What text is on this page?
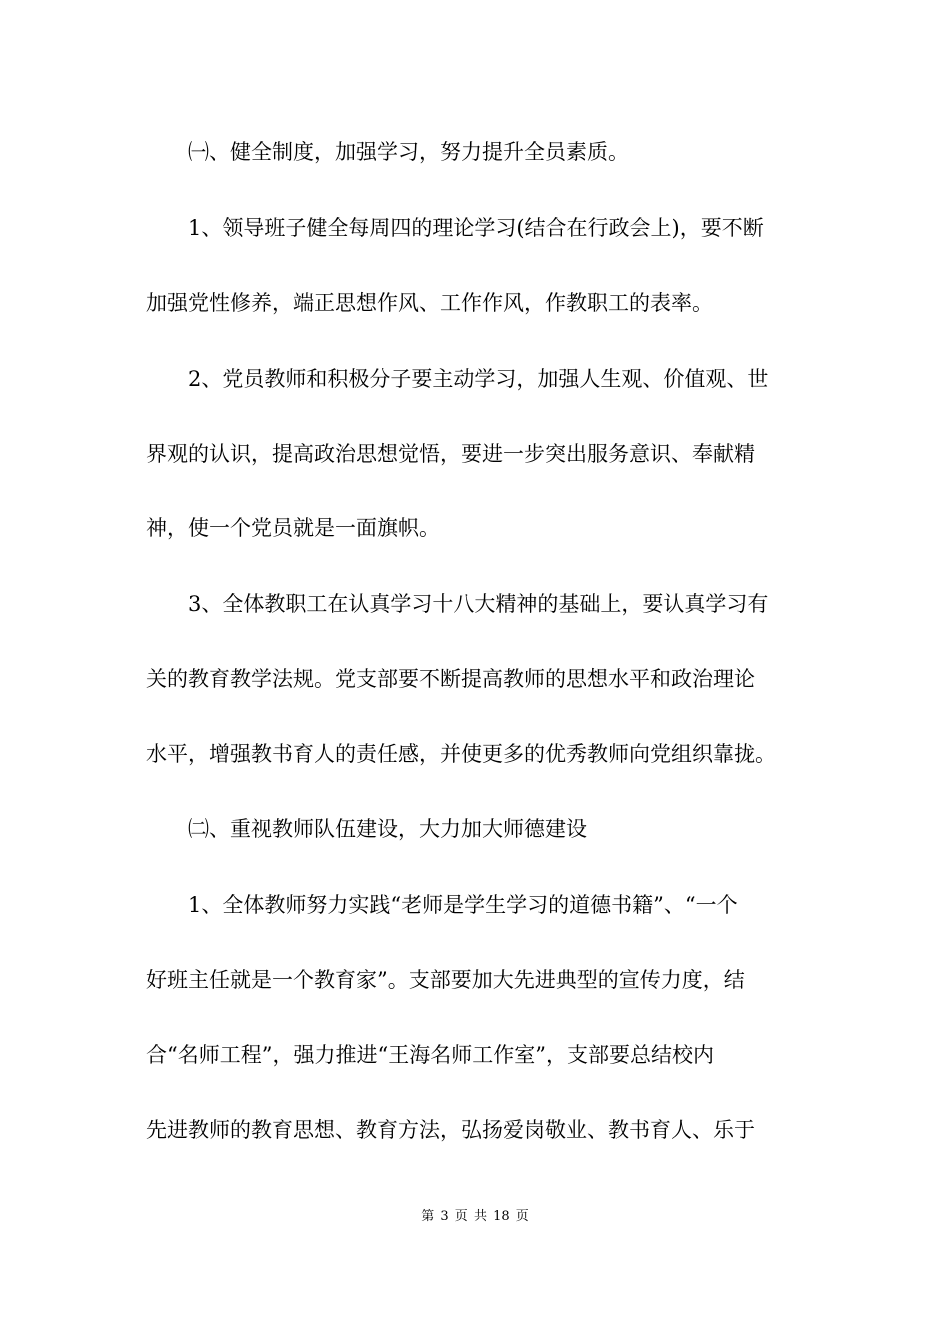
㈠、健全制度，加强学习，努力提升全员素质。
1、领导班子健全每周四的理论学习(结合在行政会上)，要不断
加强党性修养，端正思想作风、工作作风，作教职工的表率。
2、党员教师和积极分子要主动学习，加强人生观、价值观、世
界观的认识，提高政治思想觉悟，要进一步突出服务意识、奉献精
神，使一个党员就是一面旗帜。
3、全体教职工在认真学习十八大精神的基础上，要认真学习有
关的教育教学法规。党支部要不断提高教师的思想水平和政治理论
水平，增强教书育人的责任感，并使更多的优秀教师向党组织靠拢。
㈡、重视教师队伍建设，大力加大师德建设
1、全体教师努力实践“老师是学生学习的道德书籍”、“一个
好班主任就是一个教育家”。支部要加大先进典型的宣传力度，结
合“名师工程”，强力推进“王海名师工作室”，支部要总结校内
先进教师的教育思想、教育方法，弘扬爱岗敬业、教书育人、乐于
第 3 页 共 18 页
